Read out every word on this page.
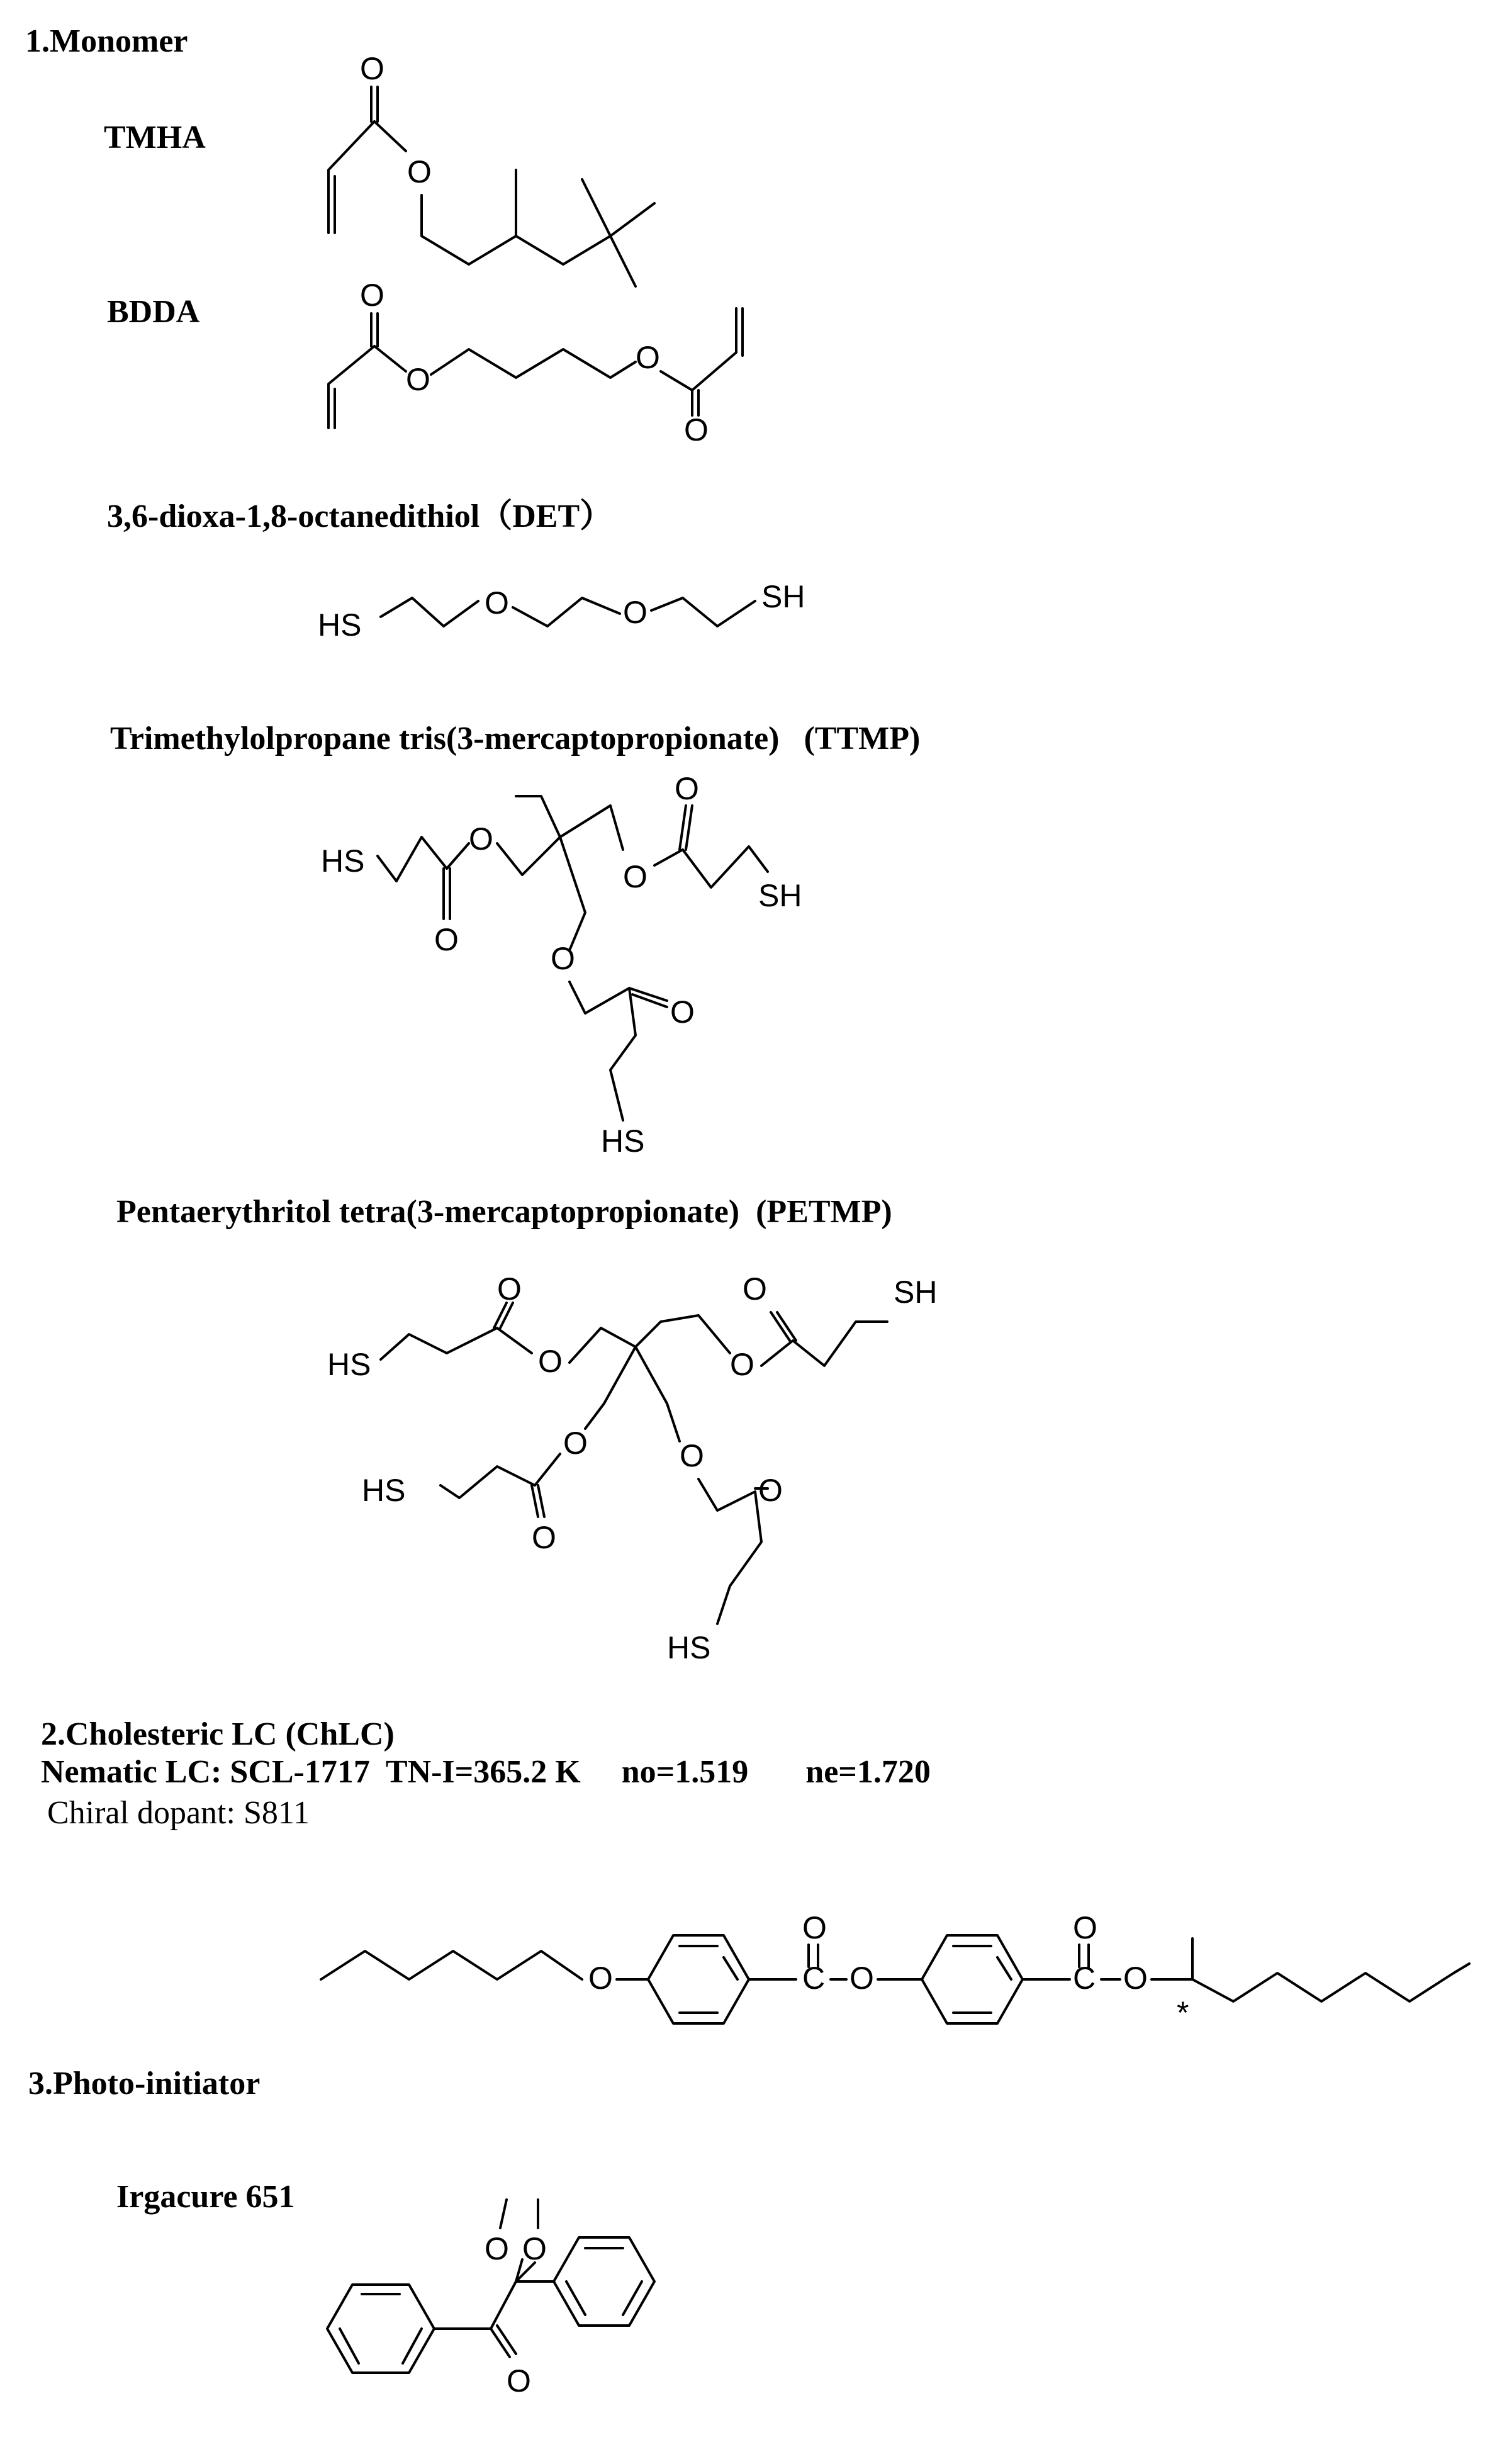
1.Monomer
TMHA
BDDA
3,6-dioxa-1,8-octanedithiol（DET）
Trimethylolpropane tris(3-mercaptopropionate)   (TTMP)
Pentaerythritol tetra(3-mercaptopropionate)  (PETMP)
2.Cholesteric LC (ChLC)
Nematic LC: SCL-1717  TN-I=365.2 K     no=1.519       ne=1.720
Chiral dopant: S811
3.Photo-initiator
Irgacure 651
O
O
O
O
O
O
HS
O	O	SH
HS
O
O
O
O
SH
O
O
HS
HS
O
O	O
O	SH
O
O
HS
O
O
HS
O	C
O
O	C
O
O
*
O
O O
